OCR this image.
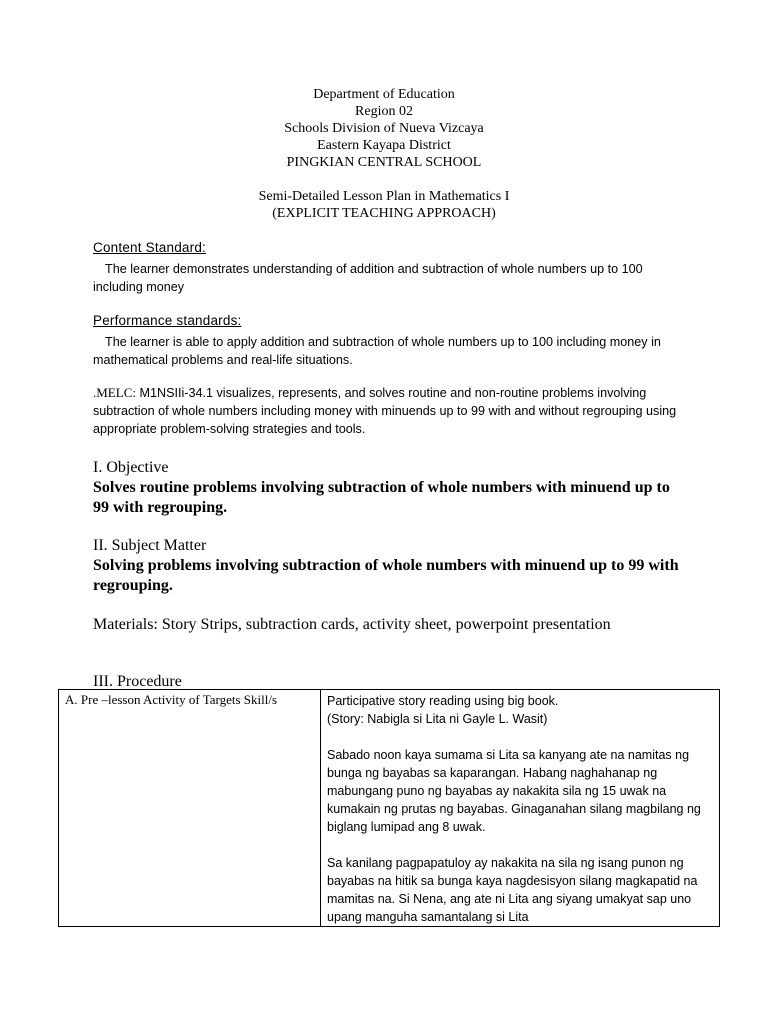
Department of Education
Region 02
Schools Division of Nueva Vizcaya
Eastern Kayapa District
PINGKIAN CENTRAL SCHOOL
Semi-Detailed Lesson Plan in Mathematics I
(EXPLICIT TEACHING APPROACH)
Content Standard:
The learner demonstrates understanding of addition and subtraction of whole numbers up to 100 including money
Performance standards:
The learner is able to apply addition and subtraction of whole numbers up to 100 including money in mathematical problems and real-life situations.
.MELC: M1NSIIi-34.1 visualizes, represents, and solves routine and non-routine problems involving subtraction of whole numbers including money with minuends up to 99 with and without regrouping using appropriate problem-solving strategies and tools.
I. Objective
Solves routine problems involving subtraction of whole numbers with minuend up to 99 with regrouping.
II. Subject Matter
Solving problems involving subtraction of whole numbers with minuend up to 99 with regrouping.
Materials: Story Strips, subtraction cards, activity sheet, powerpoint presentation
III. Procedure
A. Pre –lesson Activity of Targets Skill/s	Participative story reading using big book.

(Story: Nabigla si Lita ni Gayle L. Wasit)

Sabado noon kaya sumama si Lita sa kanyang ate na namitas ng bunga ng bayabas sa kaparangan. Habang naghahanap ng mabungang puno ng bayabas ay nakakita sila ng 15 uwak na kumakain ng prutas ng bayabas. Ginaganahan silang magbilang ng biglang lumipad ang 8 uwak.

Sa kanilang pagpapatuloy ay nakakita na sila ng isang punon ng bayabas na hitik sa bunga kaya nagdesisyon silang magkapatid na mamitas na. Si Nena, ang ate ni Lita ang siyang umakyat sap uno upang manguha samantalang si Lita
